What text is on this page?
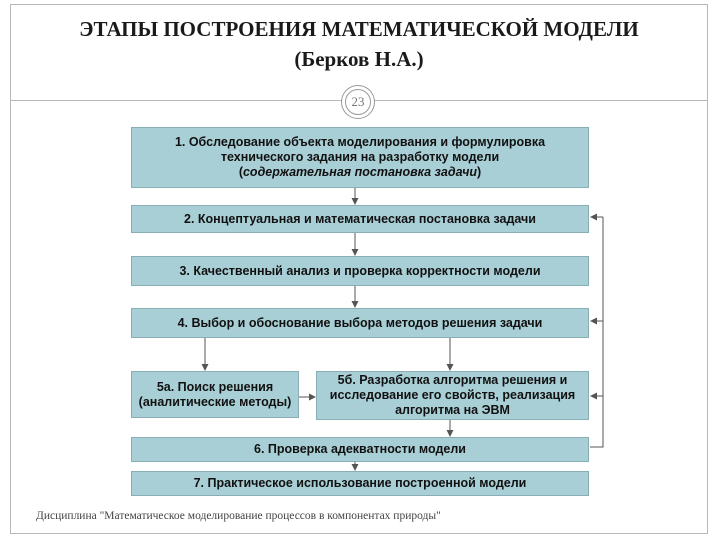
ЭТАПЫ ПОСТРОЕНИЯ МАТЕМАТИЧЕСКОЙ МОДЕЛИ
(Берков Н.А.)
23
1. Обследование объекта моделирования и формулировка
технического задания на разработку модели
(содержательная постановка задачи)
2. Концептуальная и математическая постановка задачи
3. Качественный анализ и проверка корректности модели
4. Выбор и обоснование выбора методов решения задачи
5а. Поиск решения
(аналитические методы)
5б. Разработка алгоритма решения и
исследование его свойств, реализация
алгоритма на ЭВМ
6. Проверка адекватности модели
7. Практическое использование построенной модели
Дисциплина "Математическое моделирование процессов в компонентах природы"
